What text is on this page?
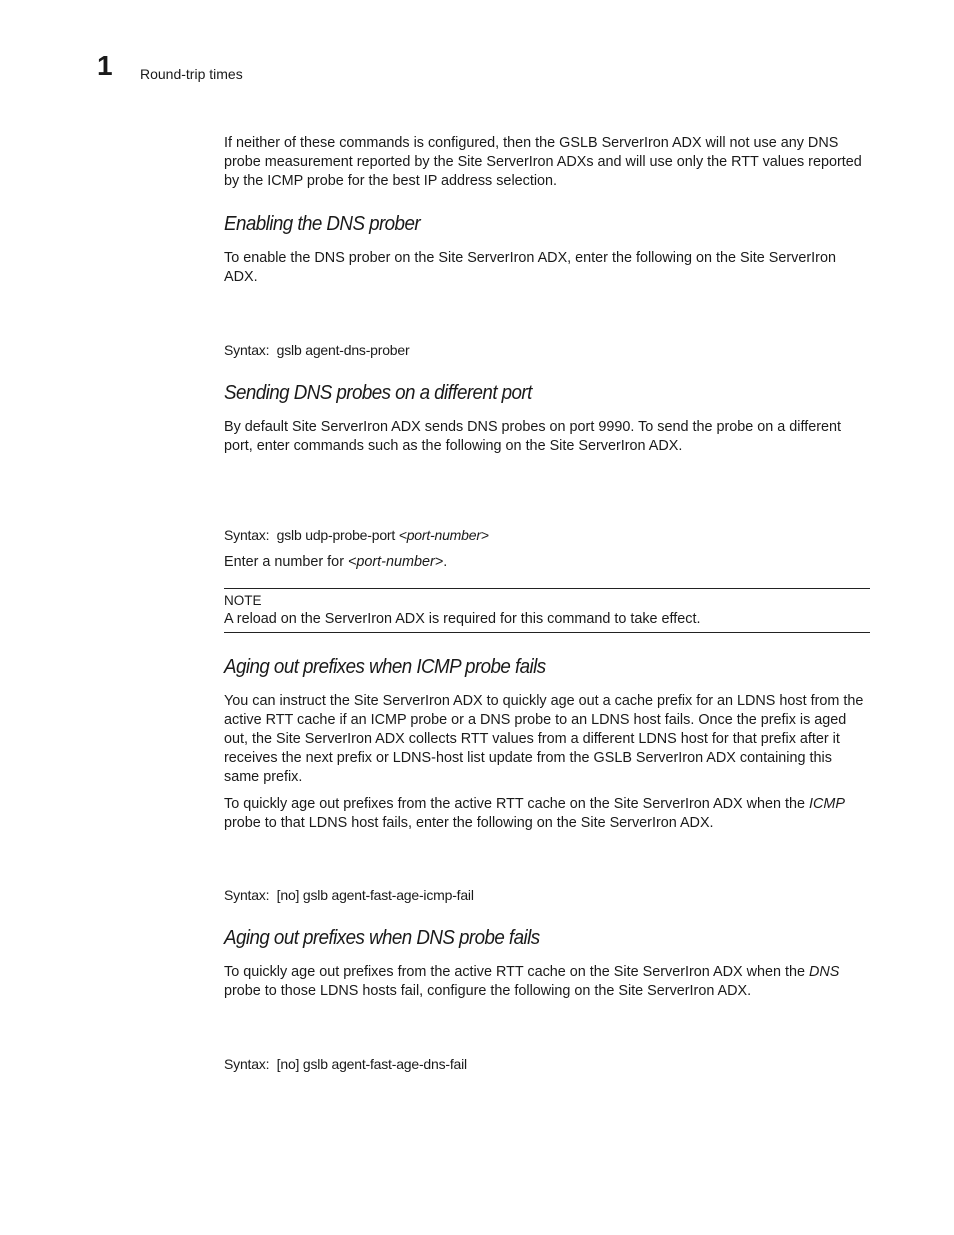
1 Round-trip times

If neither of these commands is configured, then the GSLB ServerIron ADX will not use any DNS probe measurement reported by the Site ServerIron ADXs and will use only the RTT values reported by the ICMP probe for the best IP address selection.

Enabling the DNS prober

To enable the DNS prober on the Site ServerIron ADX, enter the following on the Site ServerIron ADX.

Syntax:  gslb agent-dns-prober

Sending DNS probes on a different port

By default Site ServerIron ADX sends DNS probes on port 9990. To send the probe on a different port, enter commands such as the following on the Site ServerIron ADX.

Syntax:  gslb udp-probe-port <port-number>

Enter a number for <port-number>.

NOTE
A reload on the ServerIron ADX is required for this command to take effect.
Aging out prefixes when ICMP probe fails

You can instruct the Site ServerIron ADX to quickly age out a cache prefix for an LDNS host from the active RTT cache if an ICMP probe or a DNS probe to an LDNS host fails. Once the prefix is aged out, the Site ServerIron ADX collects RTT values from a different LDNS host for that prefix after it receives the next prefix or LDNS-host list update from the GSLB ServerIron ADX containing this same prefix.

To quickly age out prefixes from the active RTT cache on the Site ServerIron ADX when the ICMP probe to that LDNS host fails, enter the following on the Site ServerIron ADX.

Syntax:  [no] gslb agent-fast-age-icmp-fail

Aging out prefixes when DNS probe fails

To quickly age out prefixes from the active RTT cache on the Site ServerIron ADX when the DNS probe to those LDNS hosts fail, configure the following on the Site ServerIron ADX.

Syntax:  [no] gslb agent-fast-age-dns-fail
